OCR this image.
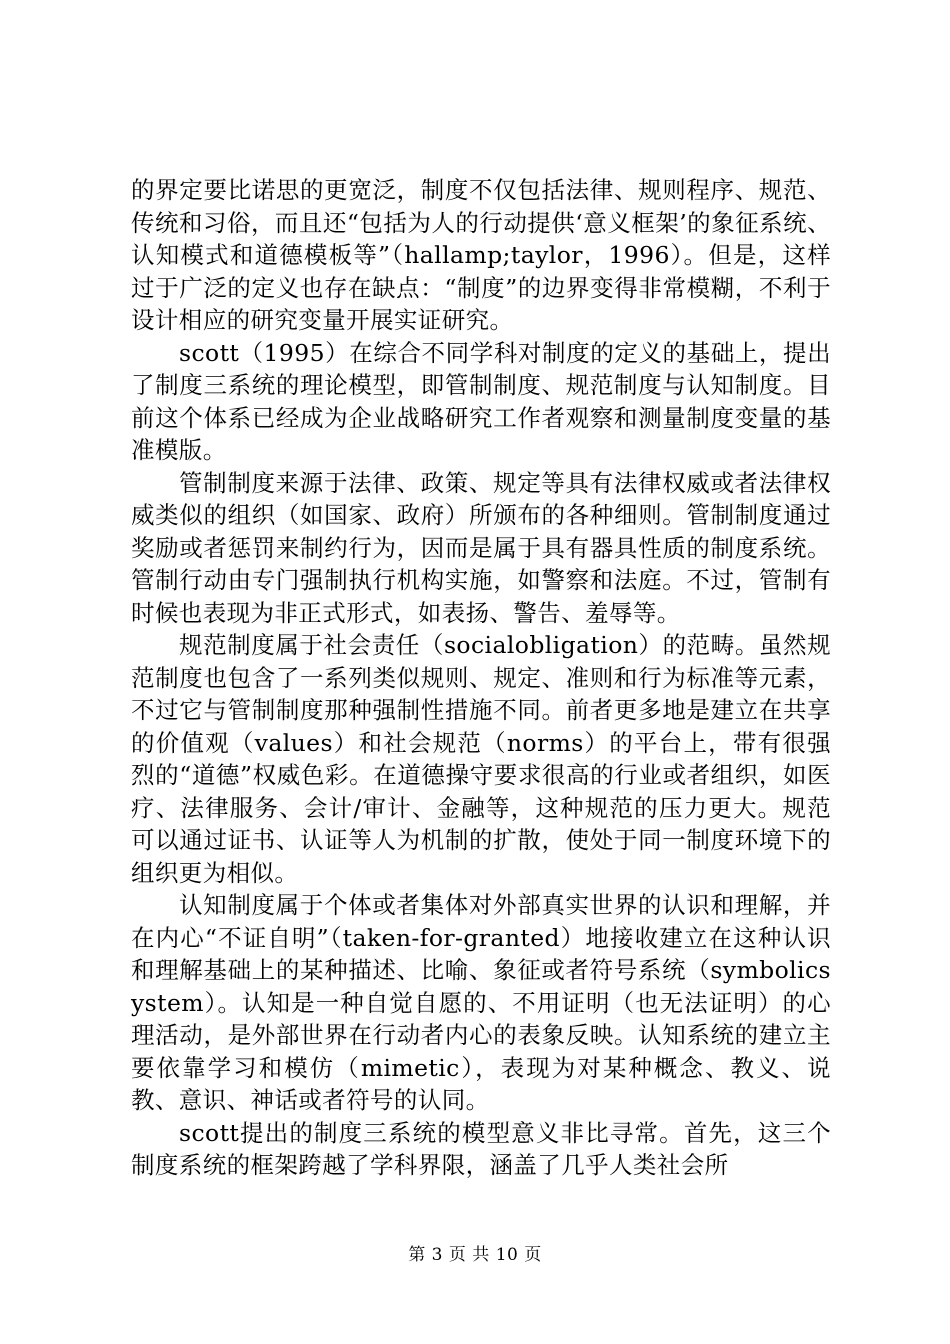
的界定要比诺思的更宽泛，制度不仅包括法律、规则程序、规范、传统和习俗，而且还“包括为人的行动提供‘意义框架’的象征系统、认知模式和道德模板等”（hallamp;taylor，1996）。但是，这样过于广泛的定义也存在缺点：“制度”的边界变得非常模糊，不利于设计相应的研究变量开展实证研究。

scott（1995）在综合不同学科对制度的定义的基础上，提出了制度三系统的理论模型，即管制制度、规范制度与认知制度。目前这个体系已经成为企业战略研究工作者观察和测量制度变量的基准模版。

管制制度来源于法律、政策、规定等具有法律权威或者法律权威类似的组织（如国家、政府）所颁布的各种细则。管制制度通过奖励或者惩罚来制约行为，因而是属于具有器具性质的制度系统。管制行动由专门强制执行机构实施，如警察和法庭。不过，管制有时候也表现为非正式形式，如表扬、警告、羞辱等。

规范制度属于社会责任（socialobligation）的范畴。虽然规范制度也包含了一系列类似规则、规定、准则和行为标准等元素，不过它与管制制度那种强制性措施不同。前者更多地是建立在共享的价值观（values）和社会规范（norms）的平台上，带有很强烈的“道德”权威色彩。在道德操守要求很高的行业或者组织，如医疗、法律服务、会计/审计、金融等，这种规范的压力更大。规范可以通过证书、认证等人为机制的扩散，使处于同一制度环境下的组织更为相似。

认知制度属于个体或者集体对外部真实世界的认识和理解，并在内心“不证自明”（taken-for-granted）地接收建立在这种认识和理解基础上的某种描述、比喻、象征或者符号系统（symbolicsystem）。认知是一种自觉自愿的、不用证明（也无法证明）的心理活动，是外部世界在行动者内心的表象反映。认知系统的建立主要依靠学习和模仿（mimetic），表现为对某种概念、教义、说教、意识、神话或者符号的认同。

scott提出的制度三系统的模型意义非比寻常。首先，这三个制度系统的框架跨越了学科界限，涵盖了几乎人类社会所

第 3 页 共 10 页
